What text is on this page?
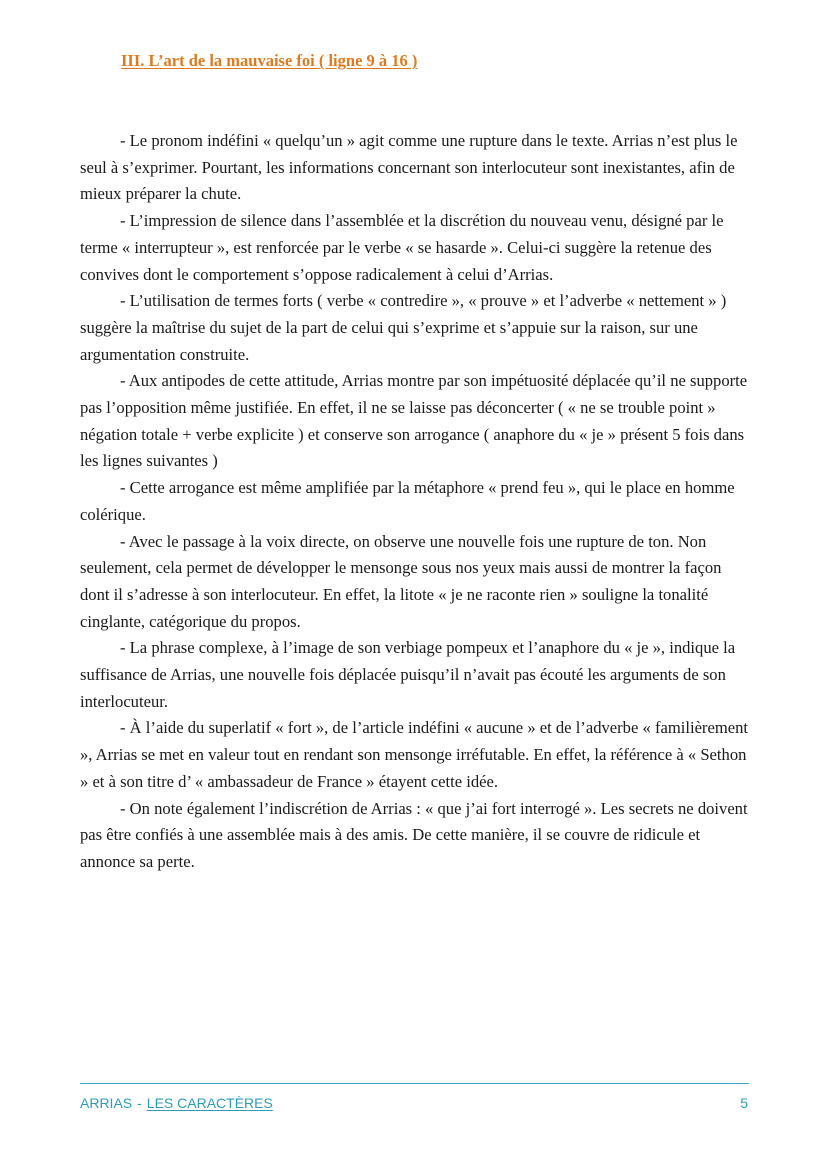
III. L’art de la mauvaise foi ( ligne 9 à 16 )

- Le pronom indéfini « quelqu’un » agit comme une rupture dans le texte. Arrias n’est plus le seul à s’exprimer. Pourtant, les informations concernant son interlocuteur sont inexistantes, afin de mieux préparer la chute.

- L’impression de silence dans l’assemblée et la discrétion du nouveau venu, désigné par le terme « interrupteur », est renforcée par le verbe « se hasarde ». Celui-ci suggère la retenue des convives dont le comportement s’oppose radicalement à celui d’Arrias.

- L’utilisation de termes forts ( verbe « contredire », « prouve » et l’adverbe « nettement » ) suggère la maîtrise du sujet de la part de celui qui s’exprime et s’appuie sur la raison, sur une argumentation construite.

- Aux antipodes de cette attitude, Arrias montre par son impétuosité déplacée qu’il ne supporte pas l’opposition même justifiée. En effet, il ne se laisse pas déconcerter ( « ne se trouble point » négation totale + verbe explicite ) et conserve son arrogance ( anaphore du « je » présent 5 fois dans les lignes suivantes )

- Cette arrogance est même amplifiée par la métaphore « prend feu », qui le place en homme colérique.

- Avec le passage à la voix directe, on observe une nouvelle fois une rupture de ton. Non seulement, cela permet de développer le mensonge sous nos yeux mais aussi de montrer la façon dont il s’adresse à son interlocuteur. En effet, la litote « je ne raconte rien » souligne la tonalité cinglante, catégorique du propos.

- La phrase complexe, à l’image de son verbiage pompeux et l’anaphore du « je », indique la suffisance de Arrias, une nouvelle fois déplacée puisqu’il n’avait pas écouté les arguments de son interlocuteur.

- À l’aide du superlatif « fort », de l’article indéfini « aucune » et de l’adverbe « familièrement », Arrias se met en valeur tout en rendant son mensonge irréfutable. En effet, la référence à « Sethon » et à son titre d’ « ambassadeur de France » étayent cette idée.

- On note également l’indiscrétion de Arrias : « que j’ai fort interrogé ». Les secrets ne doivent pas être confiés à une assemblée mais à des amis. De cette manière, il se couvre de ridicule et annonce sa perte.

ARRIAS - LES CARACTÈRES	5
